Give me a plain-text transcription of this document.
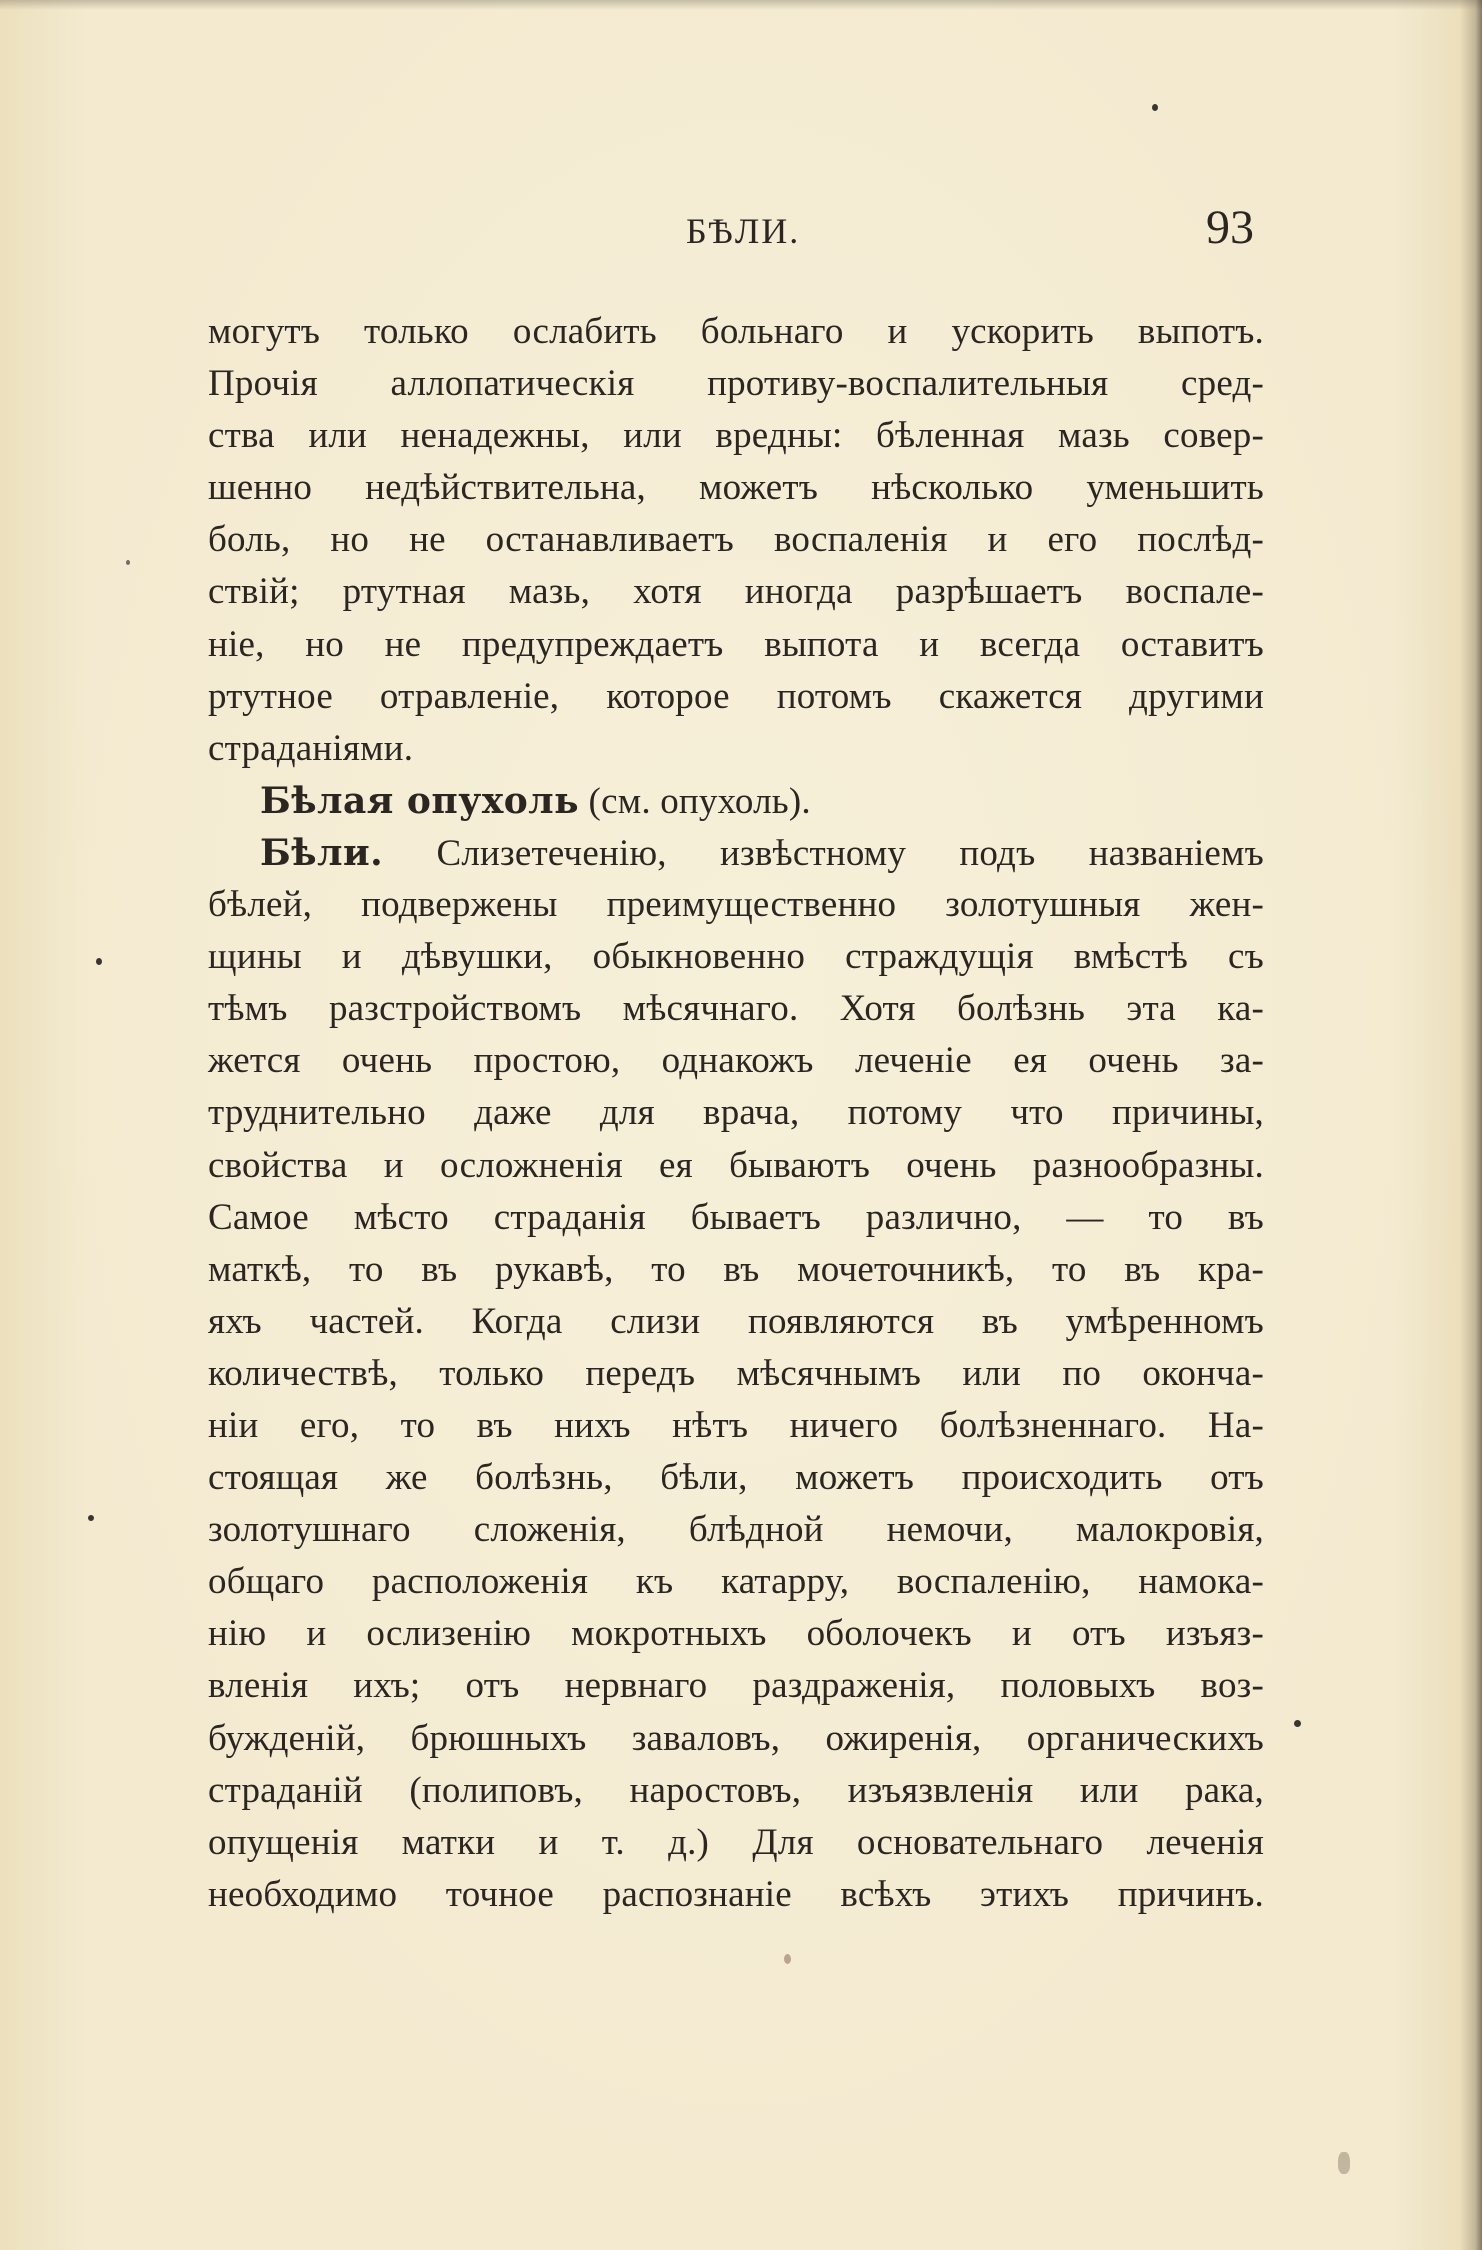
БѢЛИ.	93
могутъ только ослабить больнаго и ускорить выпотъ.
Прочія аллопатическія противу-воспалительныя сред-
ства или ненадежны, или вредны: бѣленная мазь совер-
шенно недѣйствительна, можетъ нѣсколько уменьшить
боль, но не останавливаетъ воспаленія и его послѣд-
ствій; ртутная мазь, хотя иногда разрѣшаетъ воспале-
ніе, но не предупреждаетъ выпота и всегда оставитъ
ртутное отравленіе, которое потомъ скажется другими
страданіями.
Бѣлая опухоль (см. опухоль).
Бѣли. Слизетеченію, извѣстному подъ названіемъ
бѣлей, подвержены преимущественно золотушныя жен-
щины и дѣвушки, обыкновенно страждущія вмѣстѣ съ
тѣмъ разстройствомъ мѣсячнаго. Хотя болѣзнь эта ка-
жется очень простою, однакожъ леченіе ея очень за-
труднительно даже для врача, потому что причины,
свойства и осложненія ея бываютъ очень разнообразны.
Самое мѣсто страданія бываетъ различно, — то въ
маткѣ, то въ рукавѣ, то въ мочеточникѣ, то въ кра-
яхъ частей. Когда слизи появляются въ умѣренномъ
количествѣ, только передъ мѣсячнымъ или по оконча-
ніи его, то въ нихъ нѣтъ ничего болѣзненнаго. На-
стоящая же болѣзнь, бѣли, можетъ происходить отъ
золотушнаго сложенія, блѣдной немочи, малокровія,
общаго расположенія къ катарру, воспаленію, намока-
нію и ослизенію мокротныхъ оболочекъ и отъ изъяз-
вленія ихъ; отъ нервнаго раздраженія, половыхъ воз-
бужденій, брюшныхъ заваловъ, ожиренія, органическихъ
страданій (полиповъ, наростовъ, изъязвленія или рака,
опущенія матки и т. д.) Для основательнаго леченія
необходимо точное распознаніе всѣхъ этихъ причинъ.
